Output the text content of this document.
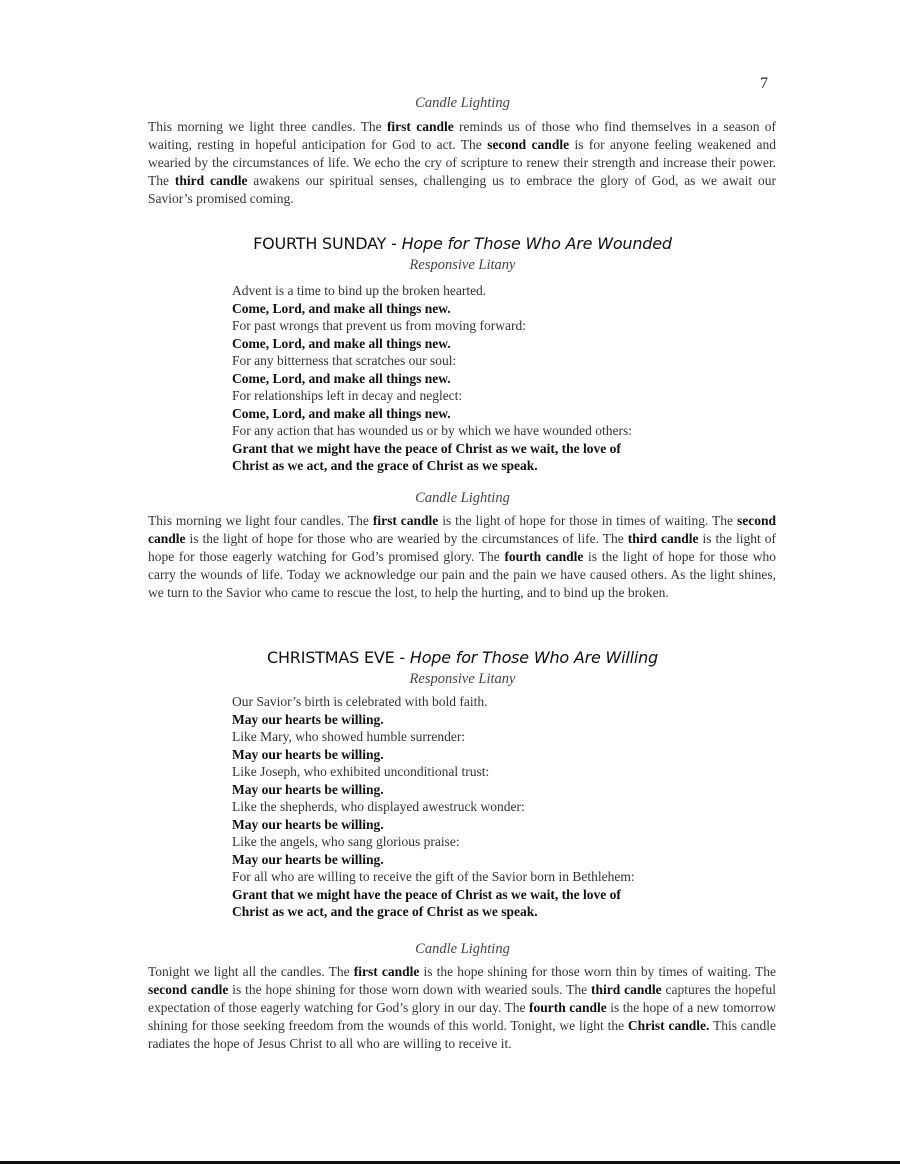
7
Candle Lighting
This morning we light three candles. The first candle reminds us of those who find themselves in a season of waiting, resting in hopeful anticipation for God to act. The second candle is for anyone feeling weakened and wearied by the circumstances of life. We echo the cry of scripture to renew their strength and increase their power. The third candle awakens our spiritual senses, challenging us to embrace the glory of God, as we await our Savior’s promised coming.
FOURTH SUNDAY - Hope for Those Who Are Wounded
Responsive Litany
Advent is a time to bind up the broken hearted.
Come, Lord, and make all things new.
For past wrongs that prevent us from moving forward:
Come, Lord, and make all things new.
For any bitterness that scratches our soul:
Come, Lord, and make all things new.
For relationships left in decay and neglect:
Come, Lord, and make all things new.
For any action that has wounded us or by which we have wounded others:
Grant that we might have the peace of Christ as we wait, the love of
Christ as we act, and the grace of Christ as we speak.
Candle Lighting
This morning we light four candles. The first candle is the light of hope for those in times of waiting. The second candle is the light of hope for those who are wearied by the circumstances of life. The third candle is the light of hope for those eagerly watching for God’s promised glory. The fourth candle is the light of hope for those who carry the wounds of life. Today we acknowledge our pain and the pain we have caused others. As the light shines, we turn to the Savior who came to rescue the lost, to help the hurting, and to bind up the broken.
CHRISTMAS EVE - Hope for Those Who Are Willing
Responsive Litany
Our Savior’s birth is celebrated with bold faith.
May our hearts be willing.
Like Mary, who showed humble surrender:
May our hearts be willing.
Like Joseph, who exhibited unconditional trust:
May our hearts be willing.
Like the shepherds, who displayed awestruck wonder:
May our hearts be willing.
Like the angels, who sang glorious praise:
May our hearts be willing.
For all who are willing to receive the gift of the Savior born in Bethlehem:
Grant that we might have the peace of Christ as we wait, the love of
Christ as we act, and the grace of Christ as we speak.
Candle Lighting
Tonight we light all the candles. The first candle is the hope shining for those worn thin by times of waiting. The second candle is the hope shining for those worn down with wearied souls. The third candle captures the hopeful expectation of those eagerly watching for God’s glory in our day. The fourth candle is the hope of a new tomorrow shining for those seeking freedom from the wounds of this world. Tonight, we light the Christ candle. This candle radiates the hope of Jesus Christ to all who are willing to receive it.
